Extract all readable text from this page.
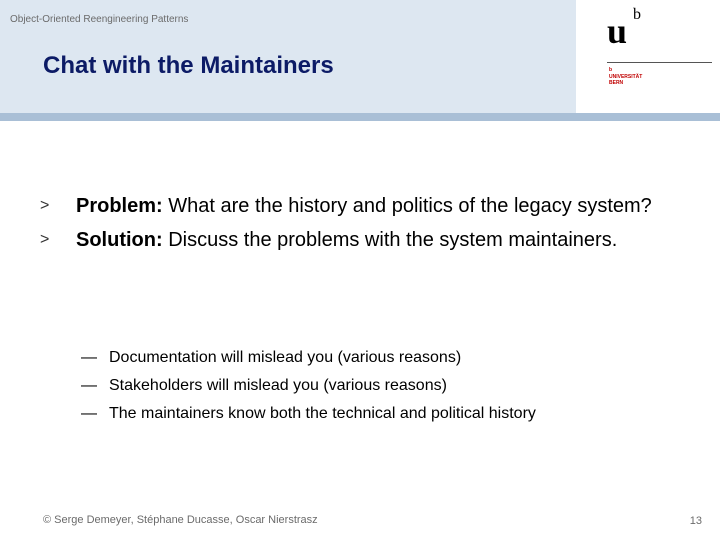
Object-Oriented Reengineering Patterns
Chat with the Maintainers
u b
b
UNIVERSITÄT
BERN
> Problem: What are the history and politics of the legacy system?
> Solution: Discuss the problems with the system maintainers.
— Documentation will mislead you (various reasons)
— Stakeholders will mislead you (various reasons)
— The maintainers know both the technical and political history
© Serge Demeyer, Stéphane Ducasse, Oscar Nierstrasz	13
